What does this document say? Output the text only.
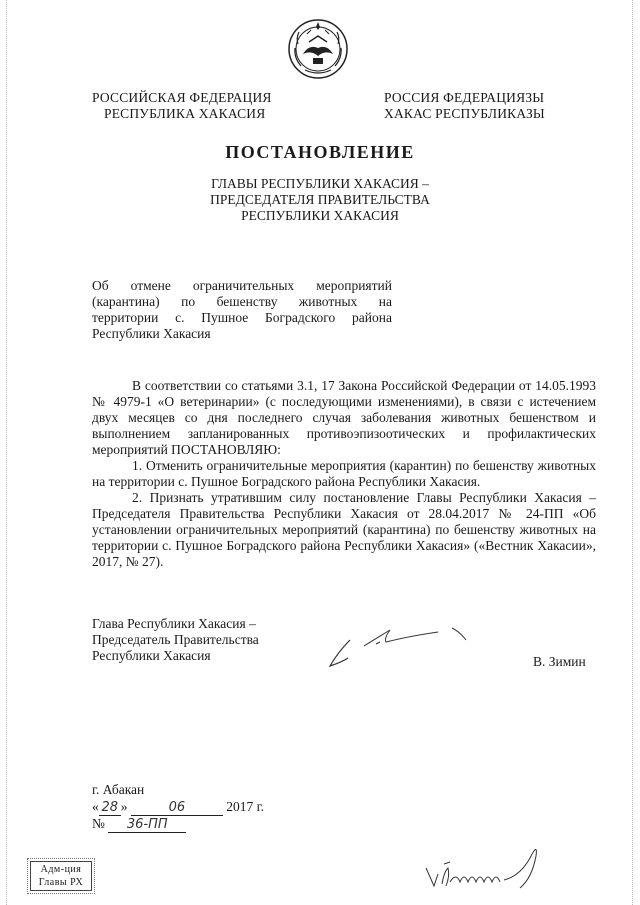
РОССИЙСКАЯ ФЕДЕРАЦИЯ
РЕСПУБЛИКА ХАКАСИЯ
РОССИЯ ФЕДЕРАЦИЯЗЫ
ХАКАС РЕСПУБЛИКАЗЫ
ПОСТАНОВЛЕНИЕ
ГЛАВЫ РЕСПУБЛИКИ ХАКАСИЯ –
ПРЕДСЕДАТЕЛЯ ПРАВИТЕЛЬСТВА
РЕСПУБЛИКИ ХАКАСИЯ
Об отмене ограничительных мероприятий
(карантина) по бешенству животных на
территории с. Пушное Боградского района
Республики Хакасия

В соответствии со статьями 3.1, 17 Закона Российской Федерации от 14.05.1993 № 4979-1 «О ветеринарии» (с последующими изменениями), в связи с истечением двух месяцев со дня последнего случая заболевания животных бешенством и выполнением запланированных противоэпизоотических и профилактических мероприятий ПОСТАНОВЛЯЮ:

1. Отменить ограничительные мероприятия (карантин) по бешенству животных на территории с. Пушное Боградского района Республики Хакасия.

2. Признать утратившим силу постановление Главы Республики Хакасия – Председателя Правительства Республики Хакасия от 28.04.2017 № 24-ПП «Об установлении ограничительных мероприятий (карантина) по бешенству животных на территории с. Пушное Боградского района Республики Хакасия» («Вестник Хакасии», 2017, № 27).

Глава Республики Хакасия –
Председатель Правительства
Республики Хакасия	В. Зимин
г. Абакан
« 28 »	06	2017 г.
№ 36-ПП
Адм-ция
Главы РХ
